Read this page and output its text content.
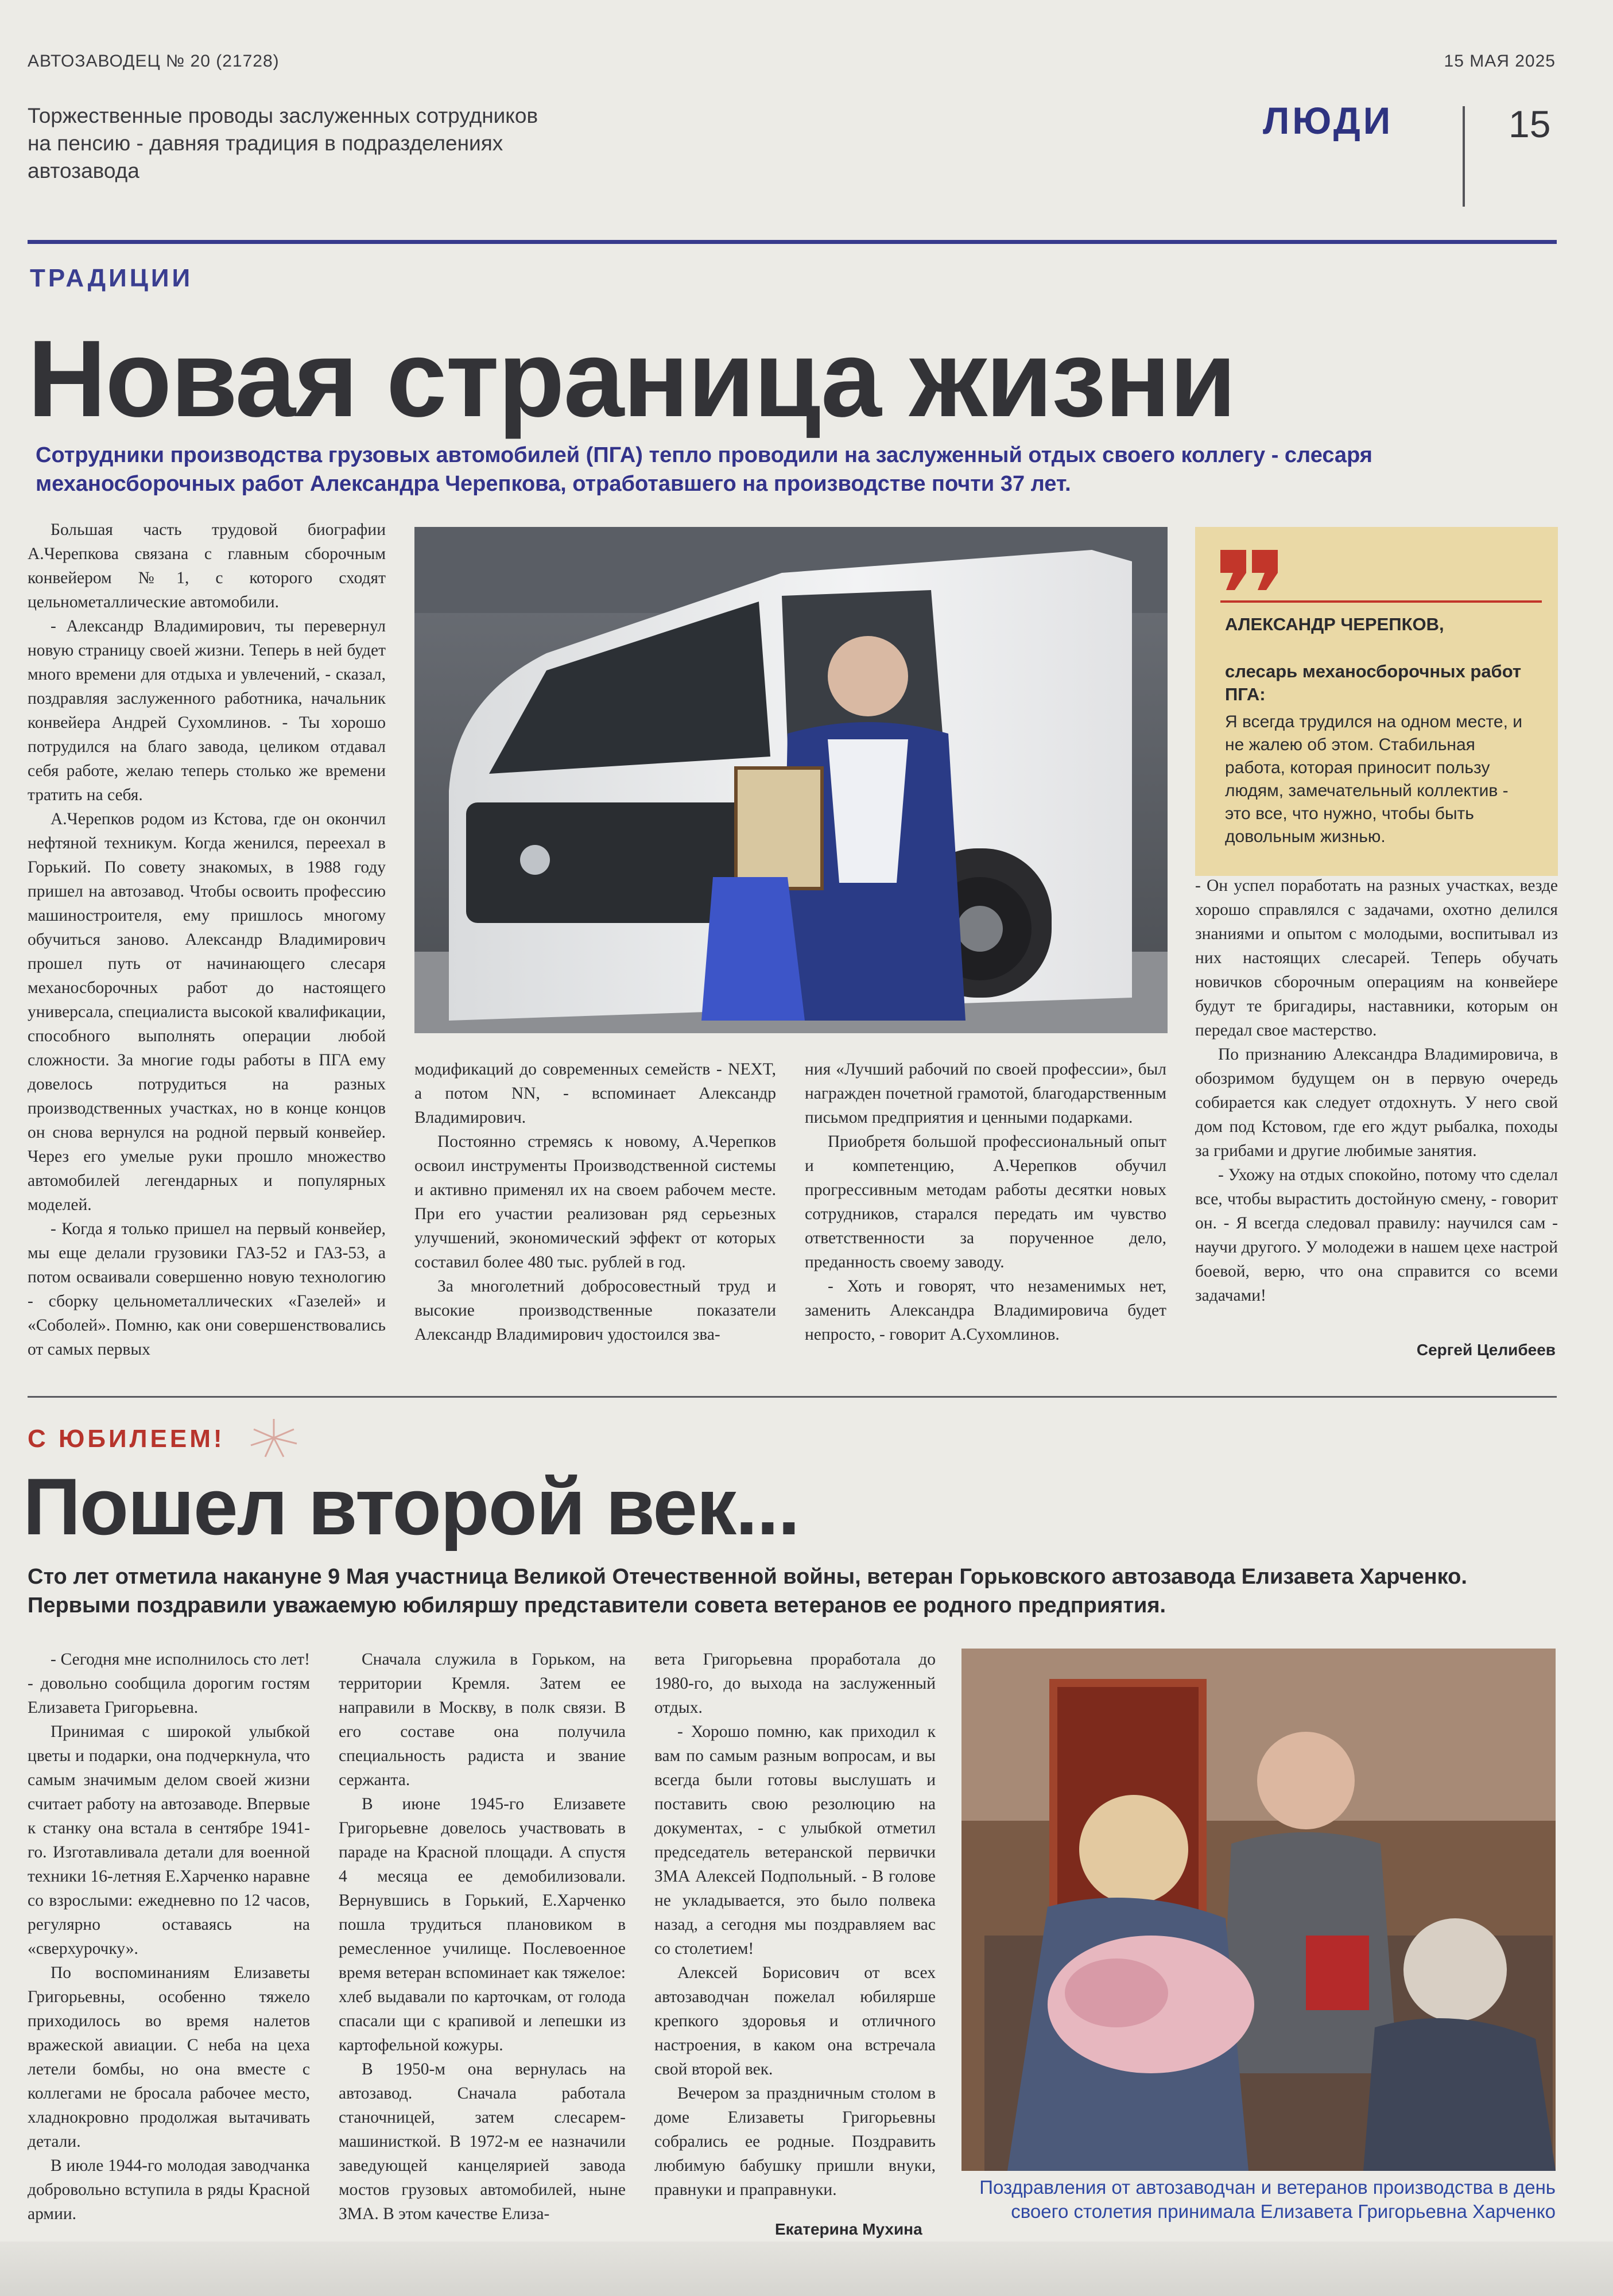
АВТОЗАВОДЕЦ № 20 (21728)	15 МАЯ 2025
Торжественные проводы заслуженных сотрудников на пенсию - давняя традиция в подразделениях автозавода
ЛЮДИ	15
ТРАДИЦИИ
Новая страница жизни
Сотрудники производства грузовых автомобилей (ПГА) тепло проводили на заслуженный отдых своего коллегу - слесаря механосборочных работ Александра Черепкова, отработавшего на производстве почти 37 лет.

Большая часть трудовой биографии А.Черепкова связана с главным сборочным конвейером №1, с которого сходят цельнометаллические автомобили.

- Александр Владимирович, ты перевернул новую страницу своей жизни. Теперь в ней будет много времени для отдыха и увлечений, - сказал, поздравляя заслуженного работника, начальник конвейера Андрей Сухомлинов. - Ты хорошо потрудился на благо завода, целиком отдавал себя работе, желаю теперь столько же времени тратить на себя.

А.Черепков родом из Кстова, где он окончил нефтяной техникум. Когда женился, переехал в Горький. По совету знакомых, в 1988 году пришел на автозавод. Чтобы освоить профессию машиностроителя, ему пришлось многому обучиться заново. Александр Владимирович прошел путь от начинающего слесаря механосборочных работ до настоящего универсала, специалиста высокой квалификации, способного выполнять операции любой сложности. За многие годы работы в ПГА ему довелось потрудиться на разных производственных участках, но в конце концов он снова вернулся на родной первый конвейер. Через его умелые руки прошло множество автомобилей легендарных и популярных моделей.

- Когда я только пришел на первый конвейер, мы еще делали грузовики ГАЗ-52 и ГАЗ-53, а потом осваивали совершенно новую технологию - сборку цельнометаллических «Газелей» и «Соболей». Помню, как они совершенствовались от самых первых

АЛЕКСАНДР ЧЕРЕПКОВ,
слесарь механосборочных работ ПГА:
Я всегда трудился на одном месте, и не жалею об этом. Стабильная работа, которая приносит пользу людям, замечательный коллектив - это все, что нужно, чтобы быть довольным жизнью.

модификаций до современных семейств - NEXT, а потом NN, - вспоминает Александр Владимирович.

Постоянно стремясь к новому, А.Черепков освоил инструменты Производственной системы и активно применял их на своем рабочем месте. При его участии реализован ряд серьезных улучшений, экономический эффект от которых составил более 480 тыс. рублей в год.

За многолетний добросовестный труд и высокие производственные показатели Александр Владимирович удостоился зва-

ния «Лучший рабочий по своей профессии», был награжден почетной грамотой, благодарственным письмом предприятия и ценными подарками.

Приобретя большой профессиональный опыт и компетенцию, А.Черепков обучил прогрессивным методам работы десятки новых сотрудников, старался передать им чувство ответственности за порученное дело, преданность своему заводу.

- Хоть и говорят, что незаменимых нет, заменить Александра Владимировича будет непросто, - говорит А.Сухомлинов.

- Он успел поработать на разных участках, везде хорошо справлялся с задачами, охотно делился знаниями и опытом с молодыми, воспитывал из них настоящих слесарей. Теперь обучать новичков сборочным операциям на конвейере будут те бригадиры, наставники, которым он передал свое мастерство.

По признанию Александра Владимировича, в обозримом будущем он в первую очередь собирается как следует отдохнуть. У него свой дом под Кстовом, где его ждут рыбалка, походы за грибами и другие любимые занятия.

- Ухожу на отдых спокойно, потому что сделал все, чтобы вырастить достойную смену, - говорит он. - Я всегда следовал правилу: научился сам - научи другого. У молодежи в нашем цехе настрой боевой, верю, что она справится со всеми задачами!

Сергей Целибеев
С ЮБИЛЕЕМ!
Пошел второй век...
Сто лет отметила накануне 9 Мая участница Великой Отечественной войны, ветеран Горьковского автозавода Елизавета Харченко. Первыми поздравили уважаемую юбиляршу представители совета ветеранов ее родного предприятия.

- Сегодня мне исполнилось сто лет! - довольно сообщила дорогим гостям Елизавета Григорьевна.

Принимая с широкой улыбкой цветы и подарки, она подчеркнула, что самым значимым делом своей жизни считает работу на автозаводе. Впервые к станку она встала в сентябре 1941-го. Изготавливала детали для военной техники 16-летняя Е.Харченко наравне со взрослыми: ежедневно по 12 часов, регулярно оставаясь на «сверхурочку».

По воспоминаниям Елизаветы Григорьевны, особенно тяжело приходилось во время налетов вражеской авиации. С неба на цеха летели бомбы, но она вместе с коллегами не бросала рабочее место, хладнокровно продолжая вытачивать детали.

В июле 1944-го молодая заводчанка добровольно вступила в ряды Красной армии.

Сначала служила в Горьком, на территории Кремля. Затем ее направили в Москву, в полк связи. В его составе она получила специальность радиста и звание сержанта.

В июне 1945-го Елизавете Григорьевне довелось участвовать в параде на Красной площади. А спустя 4 месяца ее демобилизовали. Вернувшись в Горький, Е.Харченко пошла трудиться плановиком в ремесленное училище. Послевоенное время ветеран вспоминает как тяжелое: хлеб выдавали по карточкам, от голода спасали щи с крапивой и лепешки из картофельной кожуры.

В 1950-м она вернулась на автозавод. Сначала работала станочницей, затем слесарем-машинисткой. В 1972-м ее назначили заведующей канцелярией завода мостов грузовых автомобилей, ныне ЗМА. В этом качестве Елиза-

вета Григорьевна проработала до 1980-го, до выхода на заслуженный отдых.

- Хорошо помню, как приходил к вам по самым разным вопросам, и вы всегда были готовы выслушать и поставить свою резолюцию на документах, - с улыбкой отметил председатель ветеранской первички ЗМА Алексей Подпольный. - В голове не укладывается, это было полвека назад, а сегодня мы поздравляем вас со столетием!

Алексей Борисович от всех автозаводчан пожелал юбилярше крепкого здоровья и отличного настроения, в каком она встречала свой второй век.

Вечером за праздничным столом в доме Елизаветы Григорьевны собрались ее родные. Поздравить любимую бабушку пришли внуки, правнуки и праправнуки.	Поздравления от автозаводчан и ветеранов производства в день своего столетия принимала Елизавета Григорьевна Харченко
Екатерина Мухина
